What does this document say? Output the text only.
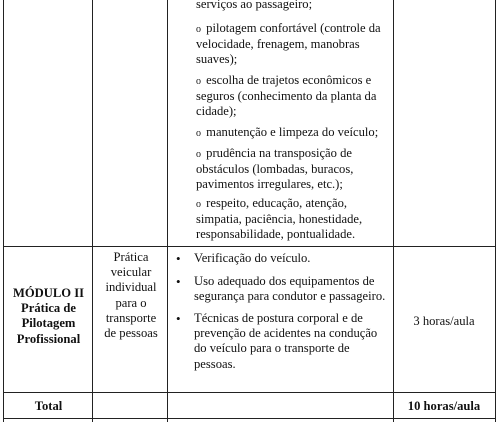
serviços ao passageiro;
o pilotagem confortável (controle da
velocidade, frenagem, manobras
suaves);
o escolha de trajetos econômicos e
seguros (conhecimento da planta da
cidade);
o manutenção e limpeza do veículo;
o prudência na transposição de
obstáculos (lombadas, buracos,
pavimentos irregulares, etc.);
o respeito, educação, atenção,
simpatia, paciência, honestidade,
responsabilidade, pontualidade.
MÓDULO II
Prática de
Pilotagem
Profissional
Prática
veicular
individual
para o
transporte
de pessoas
• Verificação do veículo.
• Uso adequado dos equipamentos de
segurança para condutor e passageiro.
• Técnicas de postura corporal e de
prevenção de acidentes na condução
do veículo para o transporte de
pessoas.
3 horas/aula
Total	10 horas/aula
